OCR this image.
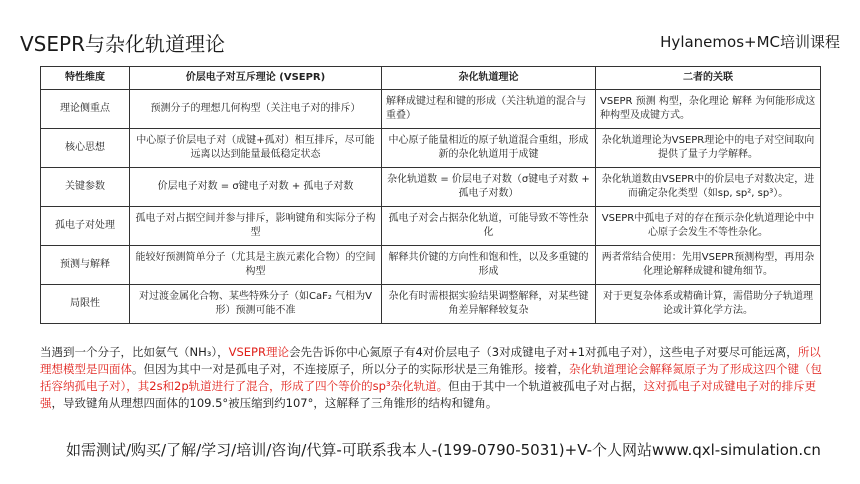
VSEPR与杂化轨道理论	Hylanemos+MC培训课程
特性维度	价层电子对互斥理论 (VSEPR)	杂化轨道理论	二者的关联
理论侧重点	预测分子的理想几何构型（关注电子对的排斥）	解释成键过程和键的形成（关注轨道的混合与重叠）	VSEPR 预测 构型，杂化理论 解释 为何能形成这种构型及成键方式。
核心思想	中心原子价层电子对（成键+孤对）相互排斥，尽可能远离以达到能量最低稳定状态	中心原子能量相近的原子轨道混合重组，形成新的杂化轨道用于成键	杂化轨道理论为VSEPR理论中的电子对空间取向提供了量子力学解释。
关键参数	价层电子对数 = σ键电子对数 + 孤电子对数	杂化轨道数 = 价层电子对数（σ键电子对数 + 孤电子对数）	杂化轨道数由VSEPR中的价层电子对数决定，进而确定杂化类型（如sp, sp², sp³）。
孤电子对处理	孤电子对占据空间并参与排斥，影响键角和实际分子构型	孤电子对会占据杂化轨道，可能导致不等性杂化	VSEPR中孤电子对的存在预示杂化轨道理论中中心原子会发生不等性杂化。
预测与解释	能较好预测简单分子（尤其是主族元素化合物）的空间构型	解释共价键的方向性和饱和性，以及多重键的形成	两者常结合使用：先用VSEPR预测构型，再用杂化理论解释成键和键角细节。
局限性	对过渡金属化合物、某些特殊分子（如CaF₂ 气相为V形）预测可能不准	杂化有时需根据实验结果调整解释，对某些键角差异解释较复杂	对于更复杂体系或精确计算，需借助分子轨道理论或计算化学方法。
当遇到一个分子，比如氨气（NH₃），VSEPR理论会先告诉你中心氮原子有4对价层电子（3对成键电子对+1对孤电子对），这些电子对要尽可能远离，所以理想模型是四面体。但因为其中一对是孤电子对，不连接原子，所以分子的实际形状是三角锥形。接着，杂化轨道理论会解释氮原子为了形成这四个键（包括容纳孤电子对），其2s和2p轨道进行了混合，形成了四个等价的sp³杂化轨道。但由于其中一个轨道被孤电子对占据，这对孤电子对成键电子对的排斥更强，导致键角从理想四面体的109.5°被压缩到约107°，这解释了三角锥形的结构和键角。
如需测试/购买/了解/学习/培训/咨询/代算-可联系我本人-(199-0790-5031)+V-个人网站www.qxl-simulation.cn
